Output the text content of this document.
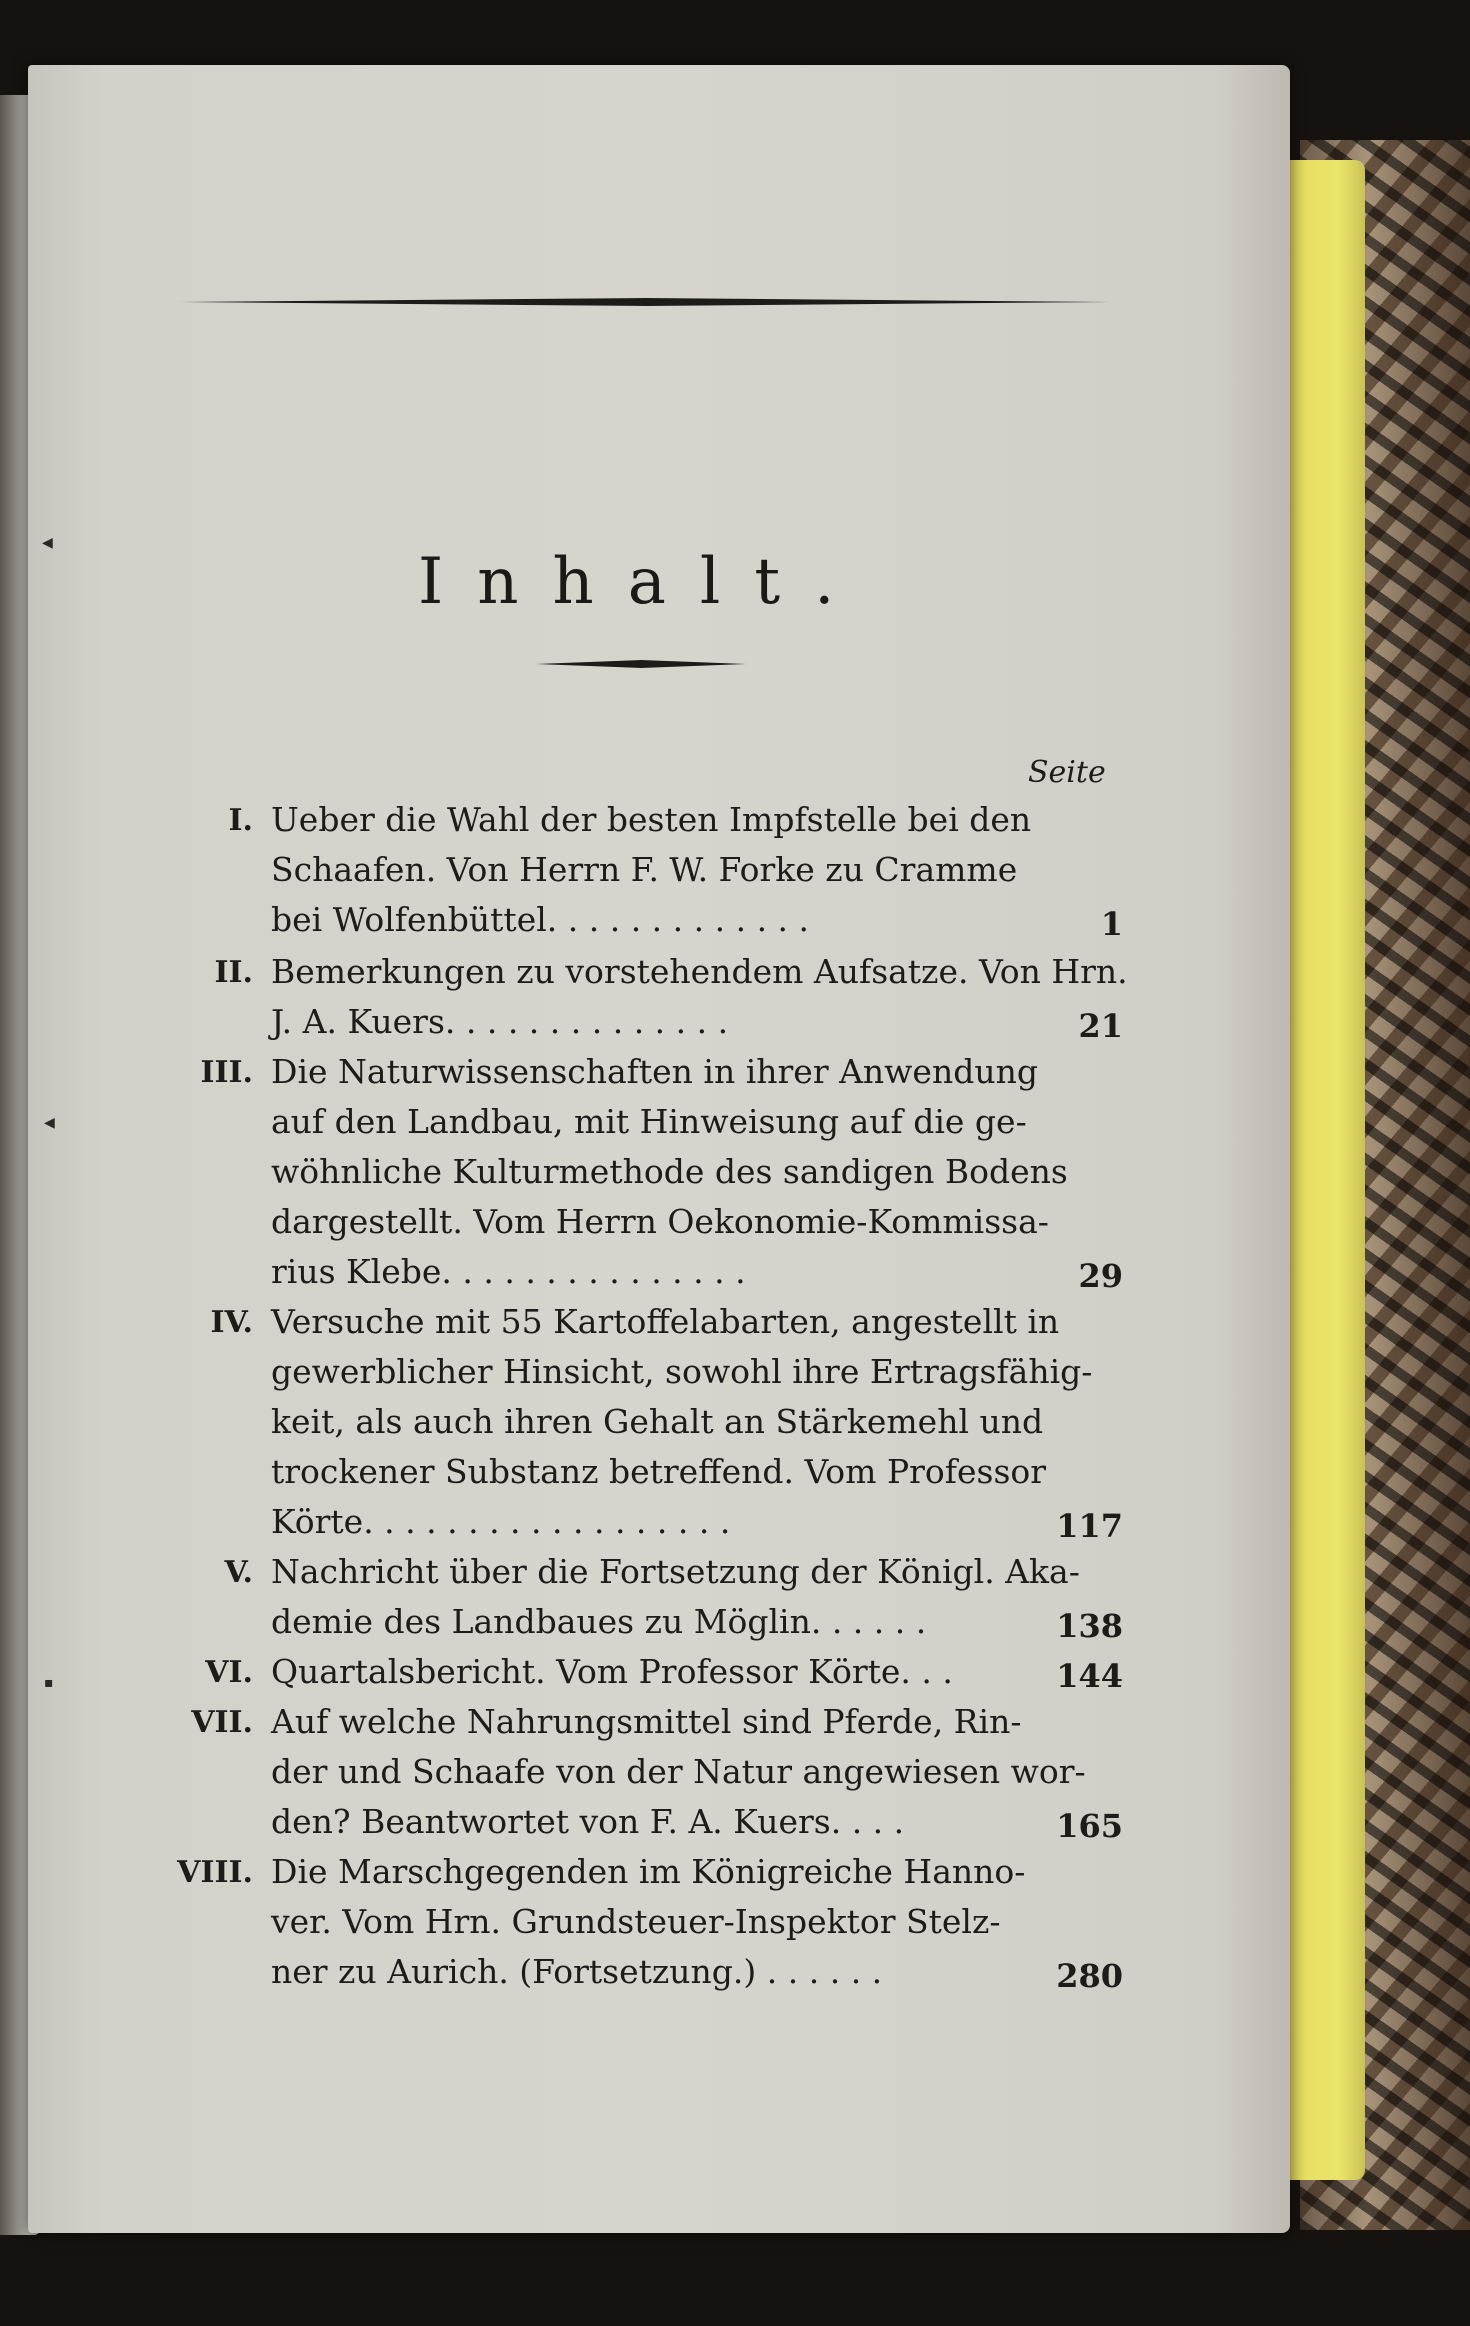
Inhalt.
Seite
I. Ueber die Wahl der besten Impfstelle bei den
Schaafen. Von Herrn F. W. Forke zu Cramme
bei Wolfenbüttel. . . . . . . . . . . . .	1
II. Bemerkungen zu vorstehendem Aufsatze. Von Hrn.
J. A. Kuers. . . . . . . . . . . . . .	21
III. Die Naturwissenschaften in ihrer Anwendung
auf den Landbau, mit Hinweisung auf die ge-
wöhnliche Kulturmethode des sandigen Bodens
dargestellt. Vom Herrn Oekonomie-Kommissa-
rius Klebe. . . . . . . . . . . . . . .	29
IV. Versuche mit 55 Kartoffelabarten, angestellt in
gewerblicher Hinsicht, sowohl ihre Ertragsfähig-
keit, als auch ihren Gehalt an Stärkemehl und
trockener Substanz betreffend. Vom Professor
Körte. . . . . . . . . . . . . . . . . .	117
V. Nachricht über die Fortsetzung der Königl. Aka-
demie des Landbaues zu Möglin. . . . . .	138
VI. Quartalsbericht. Vom Professor Körte. . .	144
VII. Auf welche Nahrungsmittel sind Pferde, Rin-
der und Schaafe von der Natur angewiesen wor-
den? Beantwortet von F. A. Kuers. . . .	165
VIII. Die Marschgegenden im Königreiche Hanno-
ver. Vom Hrn. Grundsteuer-Inspektor Stelz-
ner zu Aurich. (Fortsetzung.) . . . . . .	280
◀
◀
▪
